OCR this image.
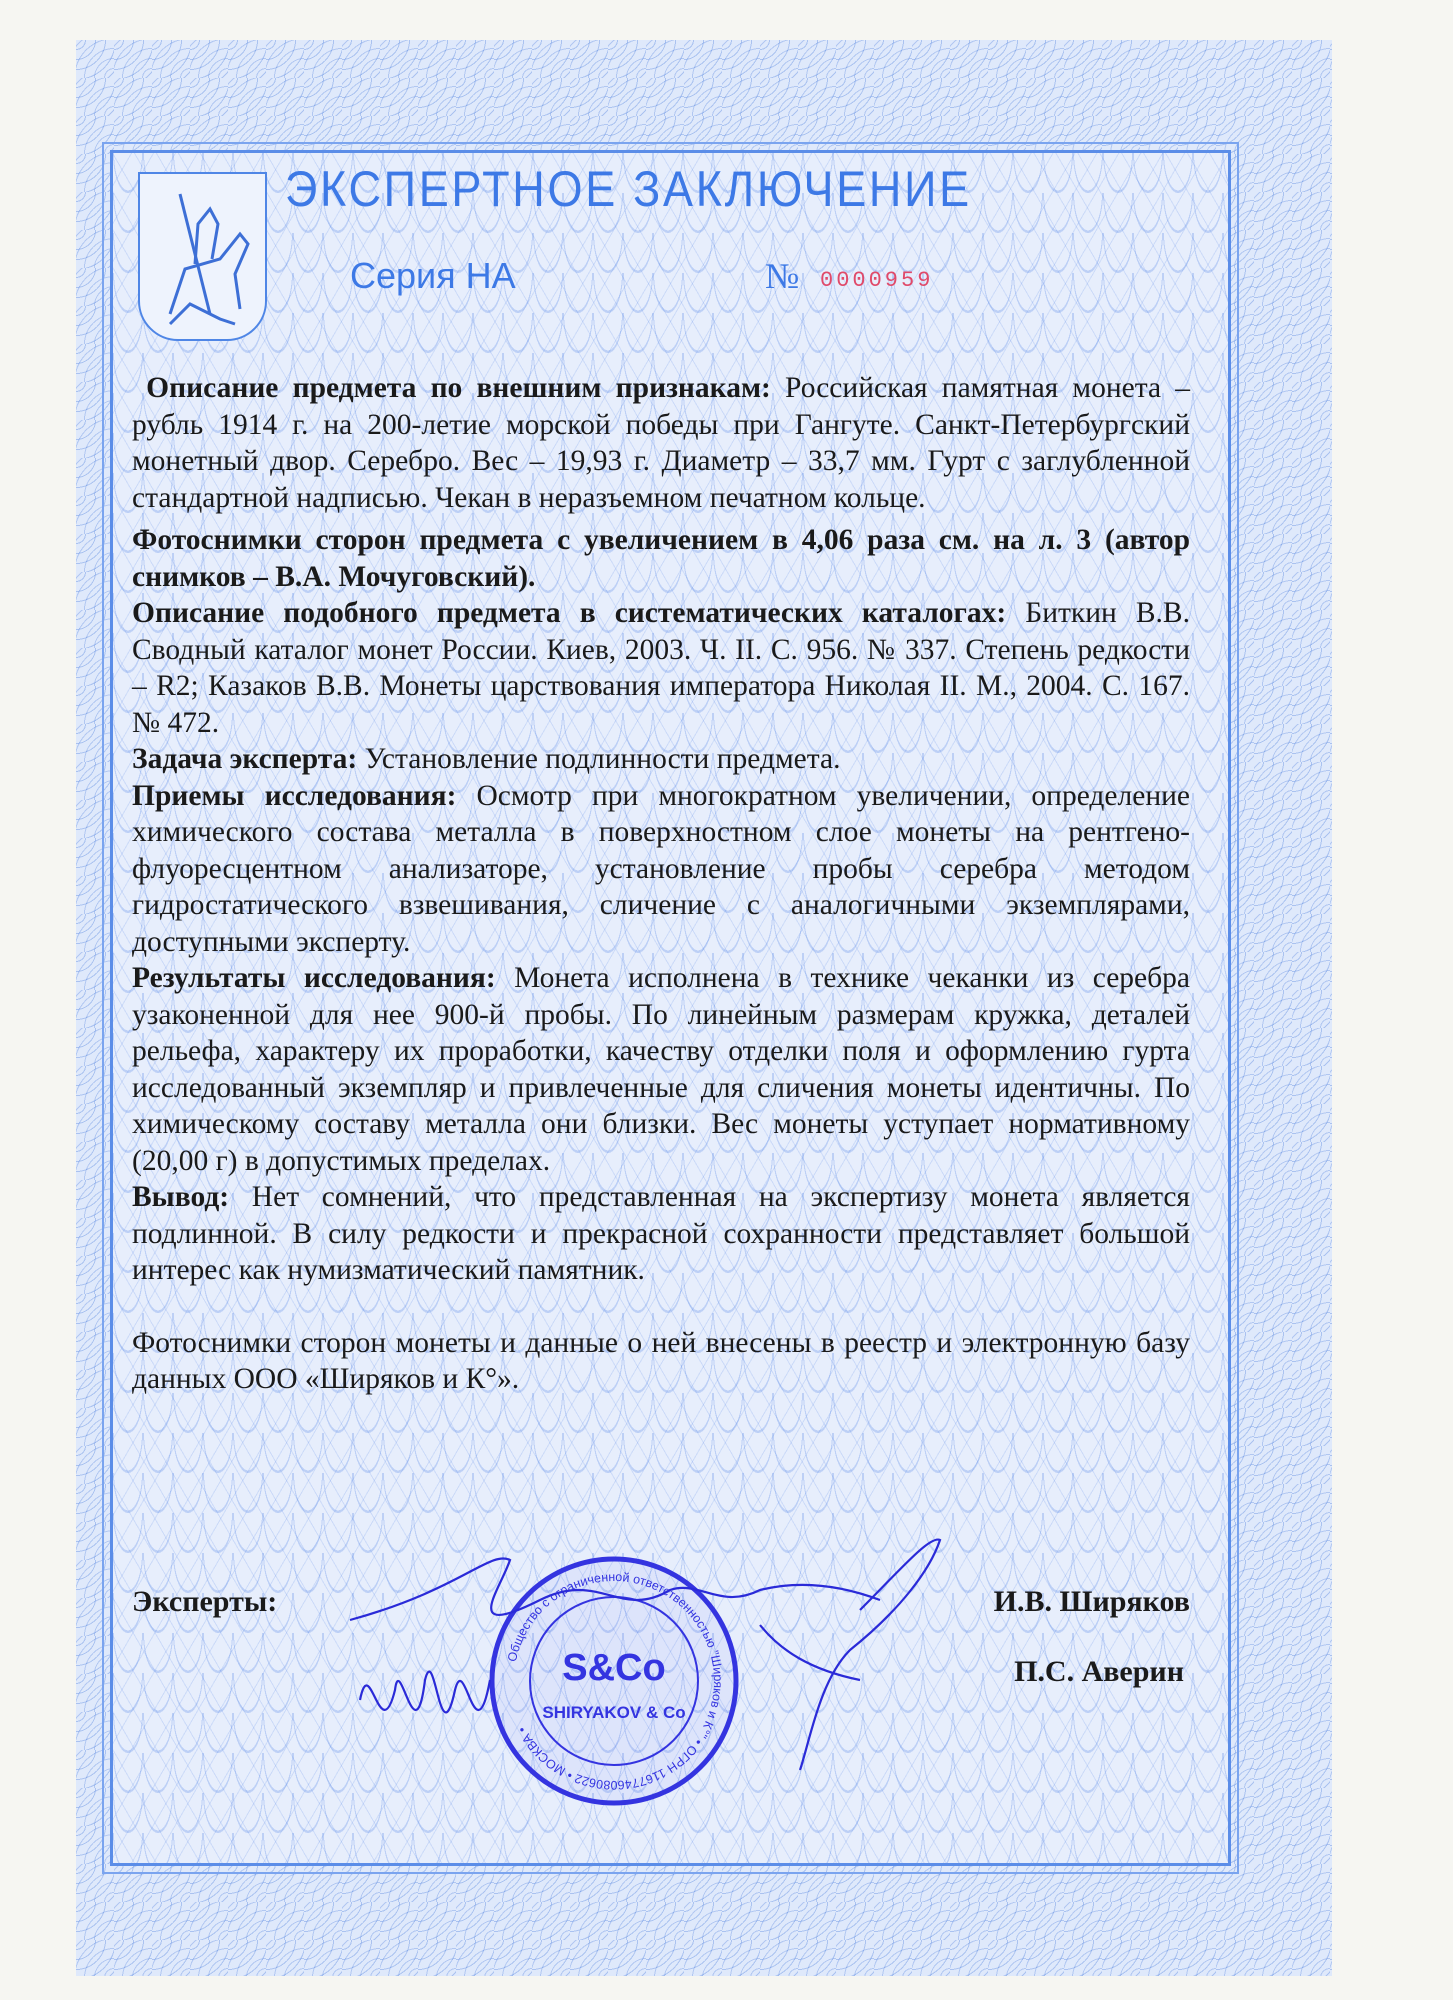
ЭКСПЕРТНОЕ ЗАКЛЮЧЕНИЕ
Серия НА	№ 0000959

Описание предмета по внешним признакам: Российская памятная монета – рубль 1914 г. на 200-летие морской победы при Гангуте. Санкт-Петербургский монетный двор. Серебро. Вес – 19,93 г. Диаметр – 33,7 мм. Гурт с заглубленной стандартной надписью. Чекан в неразъемном печатном кольце.

Фотоснимки сторон предмета с увеличением в 4,06 раза см. на л. 3 (автор снимков – В.А. Мочуговский).

Описание подобного предмета в систематических каталогах: Биткин В.В. Сводный каталог монет России. Киев, 2003. Ч. II. С. 956. № 337. Степень редкости – R2; Казаков В.В. Монеты царствования императора Николая II. М., 2004. С. 167. № 472.

Задача эксперта: Установление подлинности предмета.

Приемы исследования: Осмотр при многократном увеличении, определение химического состава металла в поверхностном слое монеты на рентгено-флуоресцентном анализаторе, установление пробы серебра методом гидростатического взвешивания, сличение с аналогичными экземплярами, доступными эксперту.

Результаты исследования: Монета исполнена в технике чеканки из серебра узаконенной для нее 900-й пробы. По линейным размерам кружка, деталей рельефа, характеру их проработки, качеству отделки поля и оформлению гурта исследованный экземпляр и привлеченные для сличения монеты идентичны. По химическому составу металла они близки. Вес монеты уступает нормативному (20,00 г) в допустимых пределах.

Вывод: Нет сомнений, что представленная на экспертизу монета является подлинной. В силу редкости и прекрасной сохранности представляет большой интерес как нумизматический памятник.

Фотоснимки сторон монеты и данные о ней внесены в реестр и электронную базу данных ООО «Ширяков и К°».

Эксперты:	И.В. Ширяков
П.С. Аверин
Общество с ограниченной ответственностью "Ширяков и К°" • ОГРН 1167746080622 • МОСКВА •
S&Co
SHIRYAKOV & Co
